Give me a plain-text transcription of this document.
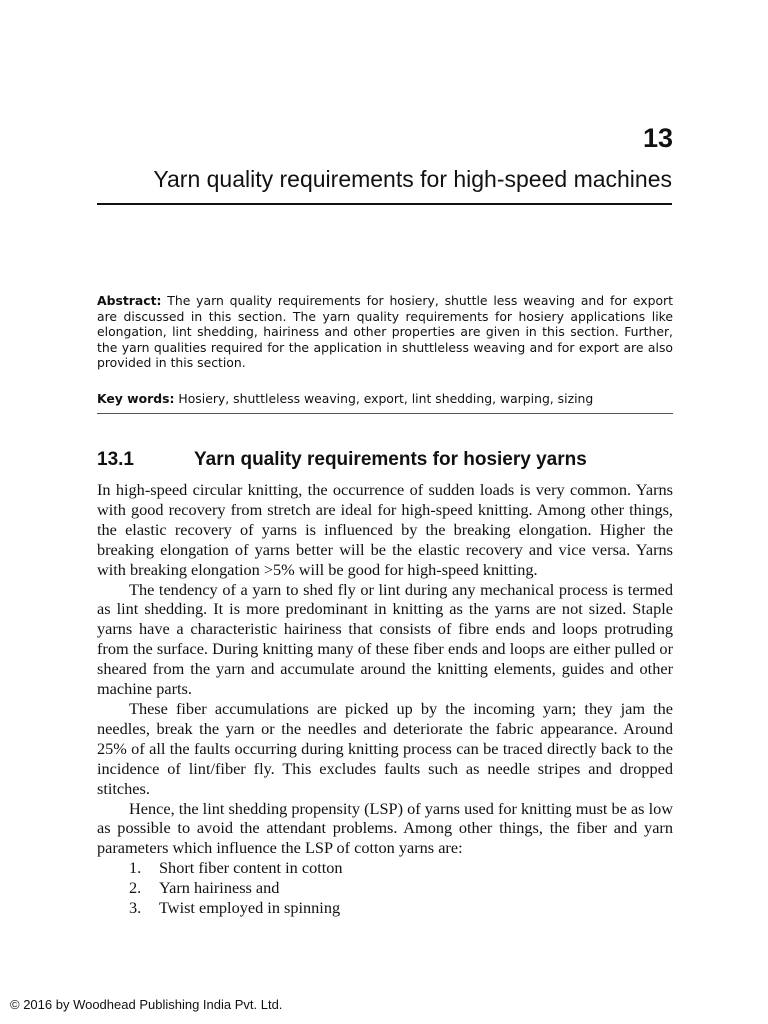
13
Yarn quality requirements for high-speed machines
Abstract: The yarn quality requirements for hosiery, shuttle less weaving and for export are discussed in this section. The yarn quality requirements for hosiery applications like elongation, lint shedding, hairiness and other properties are given in this section. Further, the yarn qualities required for the application in shuttleless weaving and for export are also provided in this section.
Key words: Hosiery, shuttleless weaving, export, lint shedding, warping, sizing
13.1	Yarn quality requirements for hosiery yarns

In high-speed circular knitting, the occurrence of sudden loads is very common. Yarns with good recovery from stretch are ideal for high-speed knitting. Among other things, the elastic recovery of yarns is influenced by the breaking elongation. Higher the breaking elongation of yarns better will be the elastic recovery and vice versa. Yarns with breaking elongation >5% will be good for high-speed knitting.

The tendency of a yarn to shed fly or lint during any mechanical process is termed as lint shedding. It is more predominant in knitting as the yarns are not sized. Staple yarns have a characteristic hairiness that consists of fibre ends and loops protruding from the surface. During knitting many of these fiber ends and loops are either pulled or sheared from the yarn and accumulate around the knitting elements, guides and other machine parts.

These fiber accumulations are picked up by the incoming yarn; they jam the needles, break the yarn or the needles and deteriorate the fabric appearance. Around 25% of all the faults occurring during knitting process can be traced directly back to the incidence of lint/fiber fly. This excludes faults such as needle stripes and dropped stitches.

Hence, the lint shedding propensity (LSP) of yarns used for knitting must be as low as possible to avoid the attendant problems. Among other things, the fiber and yarn parameters which influence the LSP of cotton yarns are:

1. Short fiber content in cotton
2. Yarn hairiness and
3. Twist employed in spinning
© 2016 by Woodhead Publishing India Pvt. Ltd.
